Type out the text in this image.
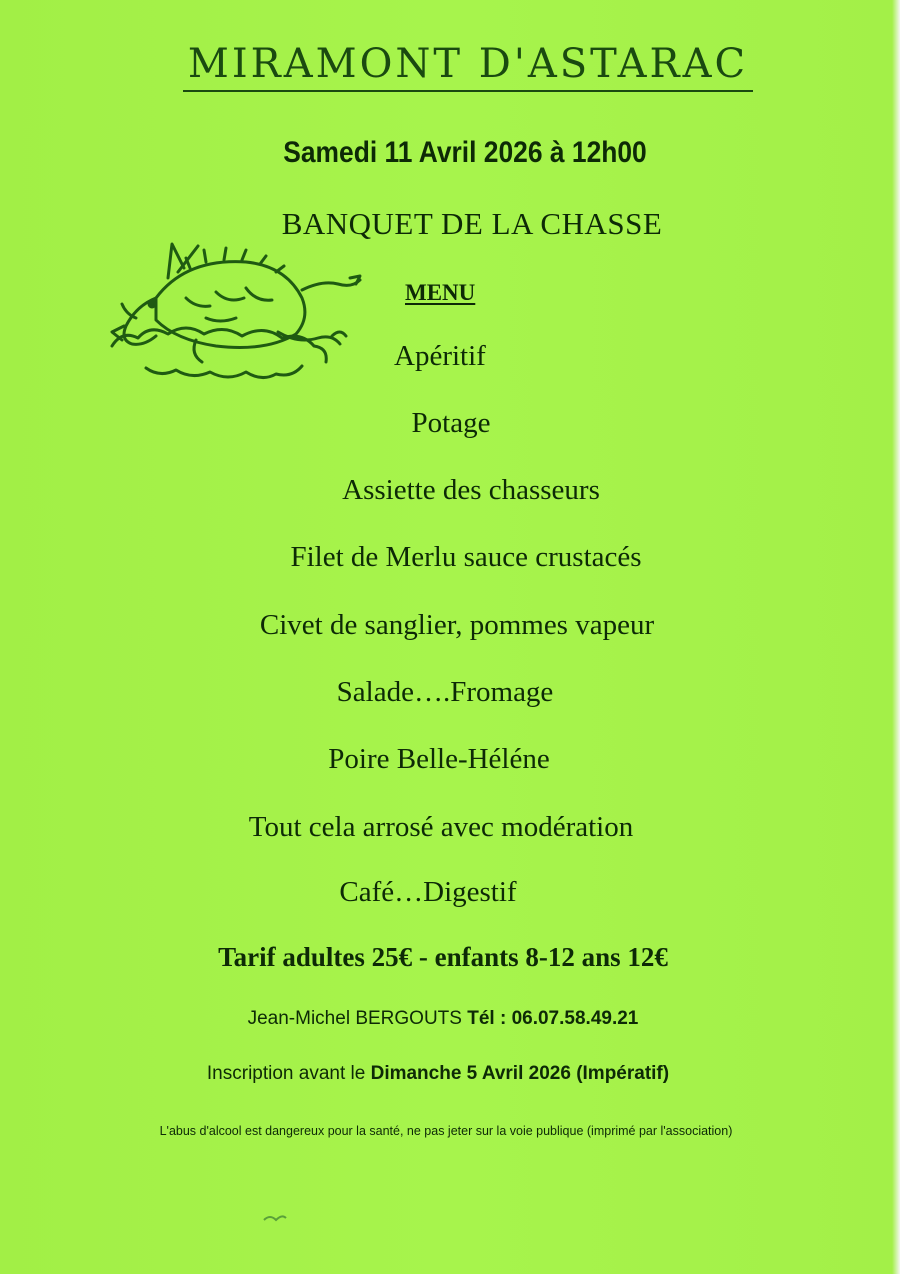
MIRAMONT D'ASTARAC
Samedi 11 Avril 2026 à 12h00
BANQUET DE LA CHASSE
MENU
Apéritif
Potage
Assiette des chasseurs
Filet de Merlu sauce crustacés
Civet de sanglier, pommes vapeur
Salade….Fromage
Poire Belle-Héléne
Tout cela arrosé avec modération
Café…Digestif
Tarif adultes 25€ - enfants 8-12 ans 12€
Jean-Michel BERGOUTS Tél : 06.07.58.49.21
Inscription avant le Dimanche 5 Avril 2026 (Impératif)
L'abus d'alcool est dangereux pour la santé, ne pas jeter sur la voie publique (imprimé par l'association)
